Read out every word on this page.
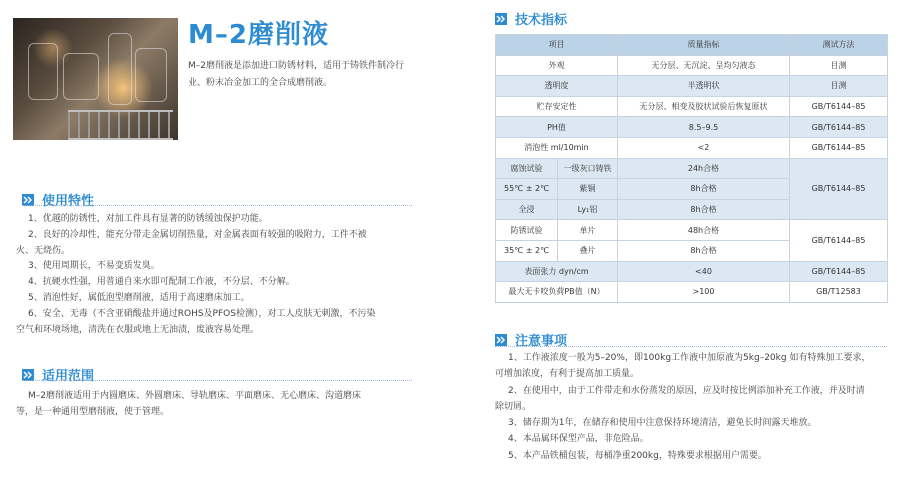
M–2磨削液
M–2磨削液是添加进口防锈材料，适用于铸铁件制冷行业、粉末冶金加工的全合成磨削液。
使用特性
1、优越的防锈性，对加工件具有显著的防锈缓蚀保护功能。
2、良好的冷却性，能充分带走金属切削热量，对金属表面有较强的吸附力，工件不被
火、无烧伤。
3、使用周期长，不易变质发臭。
4、抗硬水性强，用普通自来水即可配制工作液，不分层、不分解。
5、消泡性好，属低泡型磨削液，适用于高速磨床加工。
6、安全、无毒（不含亚硝酸盐并通过ROHS及PFOS检测），对工人皮肤无刺激，不污染
空气和环境场地，清洗在衣服或地上无油渍，废液容易处理。
适用范围
M–2磨削液适用于内圆磨床、外圆磨床、导轨磨床、平面磨床、无心磨床、沟道磨床
等，是一种通用型磨削液，使于管理。
技术指标
项目		质量指标	测试方法
外观		无分层、无沉淀、呈均匀液态	目测
透明度		半透明状	目测
贮存安定性		无分层、相变及胶状试验后恢复原状	GB/T6144–85
PH值		8.5–9.5	GB/T6144–85
消泡性 ml/10min		<2	GB/T6144–85
腐蚀试验	一级灰口铸铁	24h合格	GB/T6144–85
55℃ ± 2℃	紫铜	8h合格	
全浸	Ly₁铝	8h合格	
防锈试验	单片	48h合格	GB/T6144–85
35℃ ± 2℃	叠片	8h合格	
表面张力 dyn/cm		<40	GB/T6144–85
最大无卡咬负荷PB值（N）		>100	GB/T12583
注意事项
1、工作液浓度一般为5–20%，即100kg工作液中加原液为5kg–20kg 如有特殊加工要求，
可增加浓度，有利于提高加工质量。
2、在使用中，由于工件带走和水份蒸发的原因，应及时按比例添加补充工作液，并及时清
除切屑。
3、储存期为1年，在储存和使用中注意保持环境清洁，避免长时间露天堆放。
4、本品属环保型产品，非危险品。
5、本产品铁桶包装，每桶净重200kg，特殊要求根据用户需要。
